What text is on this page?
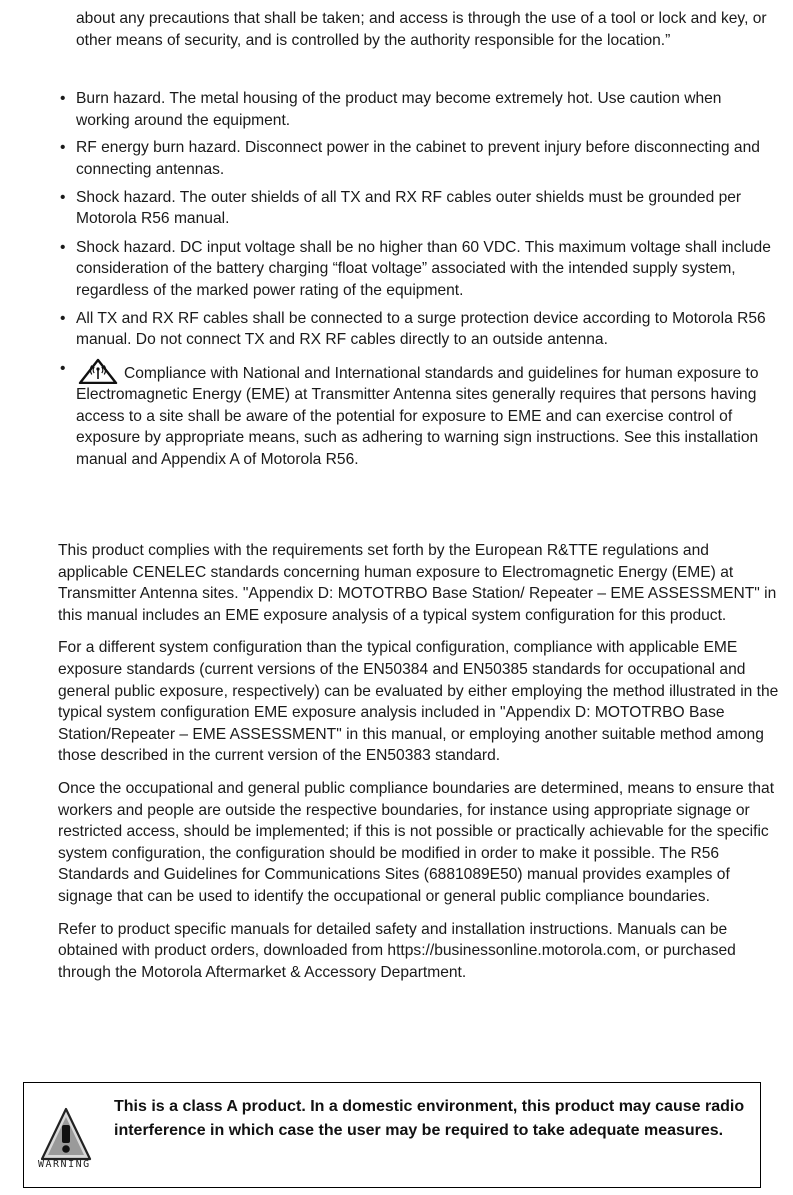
about any precautions that shall be taken; and access is through the use of a tool or lock and key, or other means of security, and is controlled by the authority responsible for the location.”
• Burn hazard. The metal housing of the product may become extremely hot. Use caution when working around the equipment.
• RF energy burn hazard. Disconnect power in the cabinet to prevent injury before disconnecting and connecting antennas.
• Shock hazard. The outer shields of all TX and RX RF cables outer shields must be grounded per Motorola R56 manual.
• Shock hazard. DC input voltage shall be no higher than 60 VDC. This maximum voltage shall include consideration of the battery charging “float voltage” associated with the intended supply system, regardless of the marked power rating of the equipment.
• All TX and RX RF cables shall be connected to a surge protection device according to Motorola R56 manual. Do not connect TX and RX RF cables directly to an outside antenna.
•	Compliance with National and International standards and guidelines for human exposure to Electromagnetic Energy (EME) at Transmitter Antenna sites generally requires that persons having access to a site shall be aware of the potential for exposure to EME and can exercise control of exposure by appropriate means, such as adhering to warning sign instructions. See this installation manual and Appendix A of Motorola R56.

This product complies with the requirements set forth by the European R&TTE regulations and applicable CENELEC standards concerning human exposure to Electromagnetic Energy (EME) at Transmitter Antenna sites. "Appendix D: MOTOTRBO Base Station/ Repeater – EME ASSESSMENT" in this manual includes an EME exposure analysis of a typical system configuration for this product.

For a different system configuration than the typical configuration, compliance with applicable EME exposure standards (current versions of the EN50384 and EN50385 standards for occupational and general public exposure, respectively) can be evaluated by either employing the method illustrated in the typical system configuration EME exposure analysis included in "Appendix D: MOTOTRBO Base Station/Repeater – EME ASSESSMENT" in this manual, or employing another suitable method among those described in the current version of the EN50383 standard.

Once the occupational and general public compliance boundaries are determined, means to ensure that workers and people are outside the respective boundaries, for instance using appropriate signage or restricted access, should be implemented; if this is not possible or practically achievable for the specific system configuration, the configuration should be modified in order to make it possible. The R56 Standards and Guidelines for Communications Sites (6881089E50) manual provides examples of signage that can be used to identify the occupational or general public compliance boundaries.

Refer to product specific manuals for detailed safety and installation instructions. Manuals can be obtained with product orders, downloaded from https://businessonline.motorola.com, or purchased through the Motorola Aftermarket & Accessory Department.

WARNING
This is a class A product. In a domestic environment, this product may cause radio interference in which case the user may be required to take adequate measures.
